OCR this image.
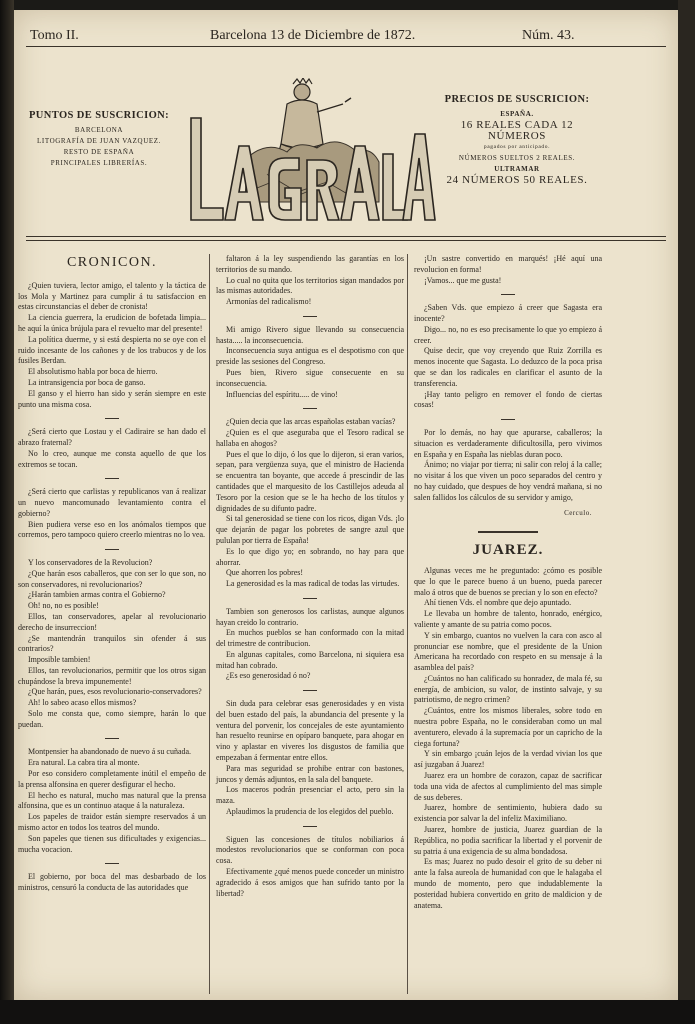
Tomo II.	Barcelona 13 de Diciembre de 1872.	Núm. 43.
PUNTOS DE SUSCRICION:
BARCELONA
LITOGRAFÍA DE JUAN VAZQUEZ.
RESTO DE ESPAÑA
PRINCIPALES LIBRERÍAS.
LA GRALLA
PRECIOS DE SUSCRICION:
ESPAÑA.
16 REALES CADA 12 NÚMEROS
pagados por anticipado.
NÚMEROS SUELTOS 2 REALES.
ULTRAMAR
24 NÚMEROS 50 REALES.
CRONICON.

¿Quien tuviera, lector amigo, el talento y la táctica de los Mola y Martinez para cumplir á tu satisfaccion en estas circunstancias el deber de cronista!

La ciencia guerrera, la erudicion de bofetada limpia... he aquí la única brújula para el revuelto mar del presente!

La política duerme, y si está despierta no se oye con el ruido incesante de los cañones y de los trabucos y de los fusiles Berdan.

El absolutismo habla por boca de hierro.

La intransigencia por boca de ganso.

El ganso y el hierro han sido y serán siempre en este punto una misma cosa.

¿Será cierto que Lostau y el Cadiraire se han dado el abrazo fraternal?

No lo creo, aunque me consta aquello de que los extremos se tocan.

¿Será cierto que carlistas y republicanos van á realizar un nuevo mancomunado levantamiento contra el gobierno?

Bien pudiera verse eso en los anómalos tiempos que corremos, pero tampoco quiero creerlo mientras no lo vea.

Y los conservadores de la Revolucion?

¿Que harán esos caballeros, que con ser lo que son, no son conservadores, ni revolucionarios?

¿Harán tambien armas contra el Gobierno?

Oh! no, no es posible!

Ellos, tan conservadores, apelar al revolucionario derecho de insurreccion!

¿Se mantendrán tranquilos sin ofender á sus contrarios?

Imposible tambien!

Ellos, tan revolucionarios, permitir que los otros sigan chupándose la breva impunemente!

¿Que harán, pues, esos revolucionario-conservadores?

Ah! lo sabeo acaso ellos mismos?

Solo me consta que, como siempre, harán lo que puedan.

Montpensier ha abandonado de nuevo á su cuñada.

Era natural. La cabra tira al monte.

Por eso considero completamente inútil el empeño de la prensa alfonsina en querer desfigurar el hecho.

El hecho es natural, mucho mas natural que la prensa alfonsina, que es un continuo ataque á la naturaleza.

Los papeles de traidor están siempre reservados á un mismo actor en todos los teatros del mundo.

Son papeles que tienen sus dificultades y exigencias... mucha vocacion.

El gobierno, por boca del mas desbarbado de los ministros, censuró la conducta de las autoridades que

faltaron á la ley suspendiendo las garantías en los territorios de su mando.

Lo cual no quita que los territorios sigan mandados por las mismas autoridades.

Armonías del radicalismo!

Mi amigo Rivero sigue llevando su consecuencia hasta..... la inconsecuencia.

Inconsecuencia suya antigua es el despotismo con que preside las sesiones del Congreso.

Pues bien, Rivero sigue consecuente en su inconsecuencia.

Influencias del espíritu..... de vino!

¿Quien decia que las arcas españolas estaban vacías?

¿Quien es el que aseguraba que el Tesoro radical se hallaba en ahogos?

Pues el que lo dijo, ó los que lo dijeron, si eran varios, sepan, para vergüenza suya, que el ministro de Hacienda se encuentra tan boyante, que accede á prescindir de las cantidades que el marquesito de los Castillejos adeuda al Tesoro por la cesion que se le ha hecho de los títulos y dignidades de su difunto padre.

Si tal generosidad se tiene con los ricos, digan Vds. ¡lo que dejarán de pagar los pobretes de sangre azul que pululan por tierra de España!

Es lo que digo yo; en sobrando, no hay para que ahorrar.

Que ahorren los pobres!

La generosidad es la mas radical de todas las virtudes.

Tambien son generosos los carlistas, aunque algunos hayan creido lo contrario.

En muchos pueblos se han conformado con la mitad del trimestre de contribucion.

En algunas capitales, como Barcelona, ni siquiera esa mitad han cobrado.

¿Es eso generosidad ó no?

Sin duda para celebrar esas generosidades y en vista del buen estado del país, la abundancia del presente y la ventura del porvenir, los concejales de este ayuntamiento han resuelto reunirse en opíparo banquete, para ahogar en vino y aplastar en viveres los disgustos de familia que empezaban á fermentar entre ellos.

Para mas seguridad se prohibe entrar con bastones, juncos y demás adjuntos, en la sala del banquete.

Los maceros podrán presenciar el acto, pero sin la maza.

Aplaudimos la prudencia de los elegidos del pueblo.

Siguen las concesiones de títulos nobiliarios á modestos revolucionarios que se conforman con poca cosa.

Efectivamente ¿qué menos puede conceder un ministro agradecido á esos amigos que han sufrido tanto por la libertad?

¡Un sastre convertido en marqués! ¡Hé aquí una revolucion en forma!

¡Vamos... que me gusta!

¿Saben Vds. que empiezo á creer que Sagasta era inocente?

Digo... no, no es eso precisamente lo que yo empiezo á creer.

Quise decir, que voy creyendo que Ruiz Zorrilla es menos inocente que Sagasta. Lo deduzco de la poca prisa que se dan los radicales en clarificar el asunto de la transferencia.

¡Hay tanto peligro en remover el fondo de ciertas cosas!

Por lo demás, no hay que apurarse, caballeros; la situacion es verdaderamente dificultosilla, pero vivimos en España y en España las nieblas duran poco.

Ánimo; no viajar por tierra; ni salir con reloj á la calle; no visitar á los que viven un poco separados del centro y no hay cuidado, que despues de hoy vendrá mañana, si no salen fallidos los cálculos de su servidor y amigo,

Cerculo.
JUAREZ.

Algunas veces me he preguntado: ¿cómo es posible que lo que le parece bueno á un bueno, pueda parecer malo á otros que de buenos se precian y lo son en efecto?

Ahí tienen Vds. el nombre que dejo apuntado.

Le llevaba un hombre de talento, honrado, enérgico, valiente y amante de su patria como pocos.

Y sin embargo, cuantos no vuelven la cara con asco al pronunciar ese nombre, que el presidente de la Union Americana ha recordado con respeto en su mensaje á la asamblea del país?

¿Cuántos no han calificado su honradez, de mala fé, su energía, de ambicion, su valor, de instinto salvaje, y su patriotismo, de negro crimen?

¿Cuántos, entre los mismos liberales, sobre todo en nuestra pobre España, no le consideraban como un mal aventurero, elevado á la supremacía por un capricho de la ciega fortuna?

Y sin embargo ¡cuán lejos de la verdad vivian los que así juzgaban á Juarez!

Juarez era un hombre de corazon, capaz de sacrificar toda una vida de afectos al cumplimiento del mas simple de sus deberes.

Juarez, hombre de sentimiento, hubiera dado su existencia por salvar la del infeliz Maximiliano.

Juarez, hombre de justicia, Juarez guardian de la República, no podia sacrificar la libertad y el porvenir de su patria á una exigencia de su alma bondadosa.

Es mas; Juarez no pudo desoir el grito de su deber ni ante la falsa aureola de humanidad con que le halagaba el mundo de momento, pero que indudablemente la posteridad hubiera convertido en grito de maldicion y de anatema.
